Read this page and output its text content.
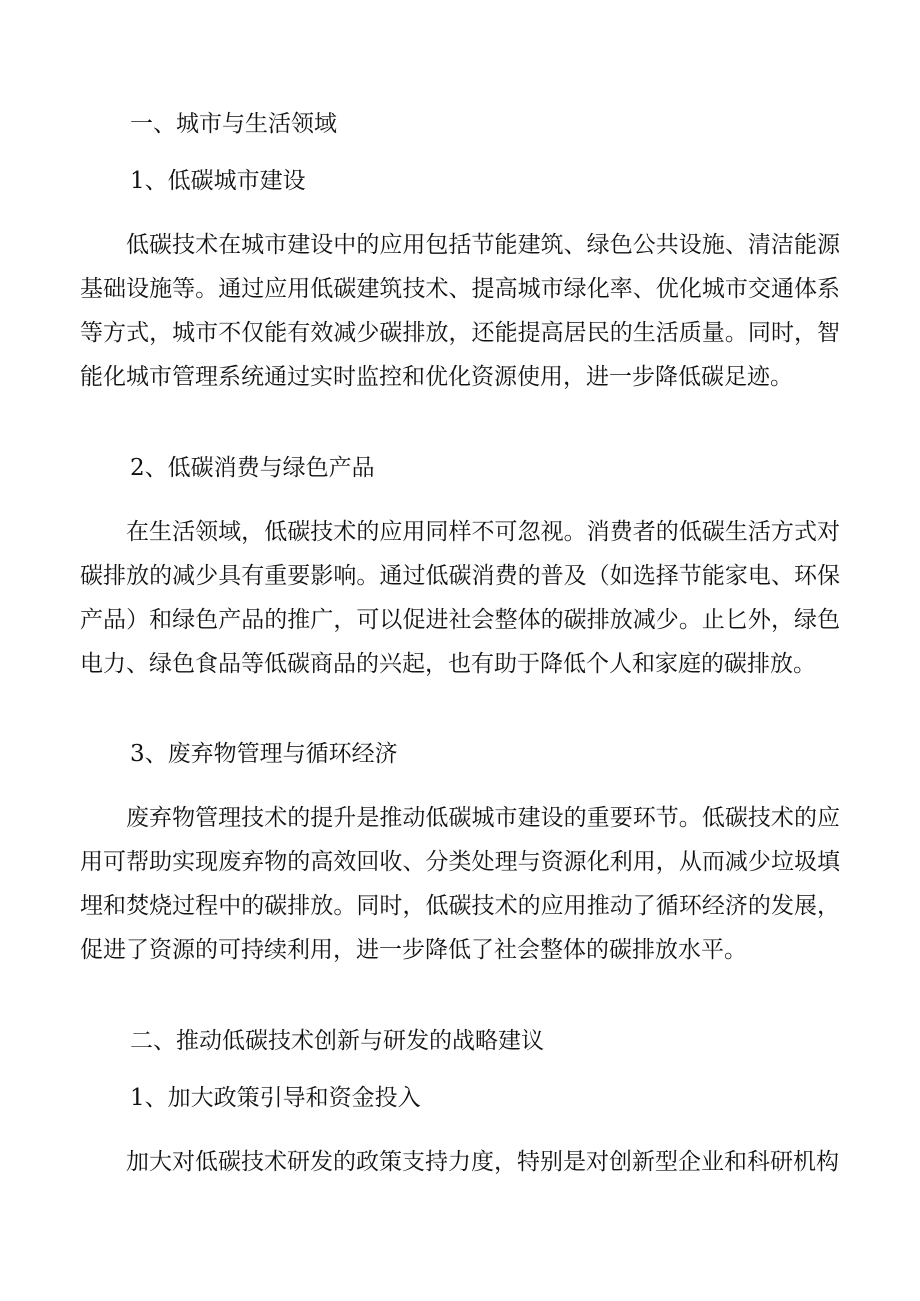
一、城市与生活领域
1、低碳城市建设

低碳技术在城市建设中的应用包括节能建筑、绿色公共设施、清洁能源基础设施等。通过应用低碳建筑技术、提高城市绿化率、优化城市交通体系等方式，城市不仅能有效减少碳排放，还能提高居民的生活质量。同时，智能化城市管理系统通过实时监控和优化资源使用，进一步降低碳足迹。

2、低碳消费与绿色产品

在生活领域，低碳技术的应用同样不可忽视。消费者的低碳生活方式对碳排放的减少具有重要影响。通过低碳消费的普及（如选择节能家电、环保产品）和绿色产品的推广，可以促进社会整体的碳排放减少。止匕外，绿色电力、绿色食品等低碳商品的兴起，也有助于降低个人和家庭的碳排放。

3、废弃物管理与循环经济

废弃物管理技术的提升是推动低碳城市建设的重要环节。低碳技术的应用可帮助实现废弃物的高效回收、分类处理与资源化利用，从而减少垃圾填埋和焚烧过程中的碳排放。同时，低碳技术的应用推动了循环经济的发展，促进了资源的可持续利用，进一步降低了社会整体的碳排放水平。

二、推动低碳技术创新与研发的战略建议
1、加大政策引导和资金投入

加大对低碳技术研发的政策支持力度，特别是对创新型企业和科研机构
